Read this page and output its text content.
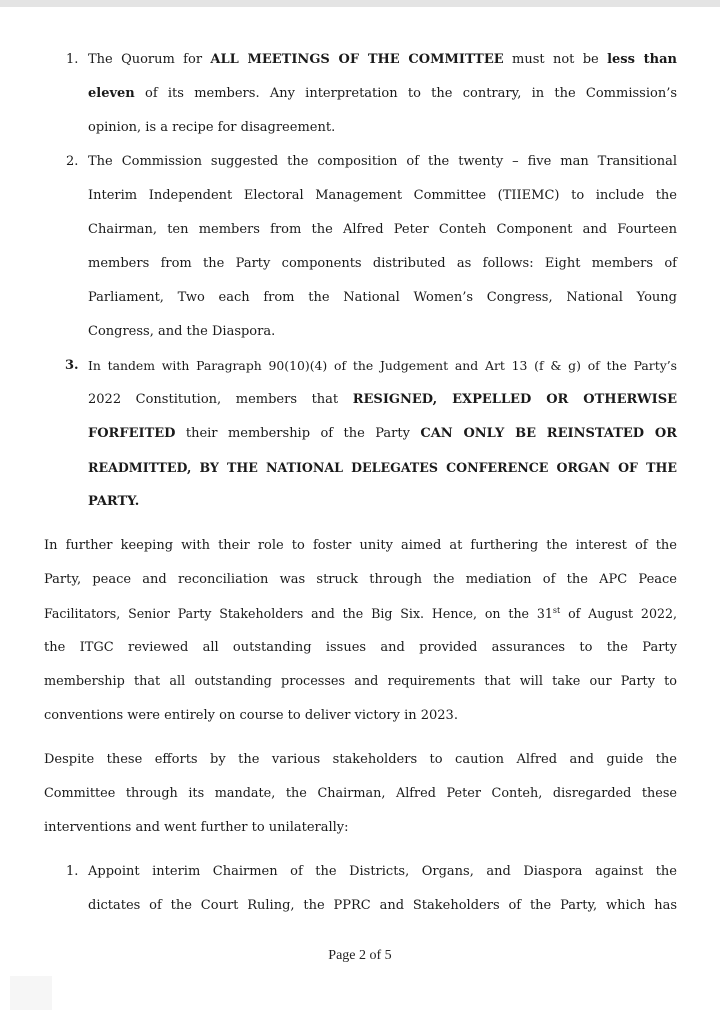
1. The Quorum for ALL MEETINGS OF THE COMMITTEE must not be less than
eleven of its members. Any interpretation to the contrary, in the Commission’s
opinion, is a recipe for disagreement.
2. The Commission suggested the composition of the twenty – five man Transitional
Interim Independent Electoral Management Committee (TIIEMC) to include the
Chairman, ten members from the Alfred Peter Conteh Component and Fourteen
members from the Party components distributed as follows: Eight members of
Parliament, Two each from the National Women’s Congress, National Young
Congress, and the Diaspora.
3. In tandem with Paragraph 90(10)(4) of the Judgement and Art 13 (f & g) of the Party’s
2022 Constitution, members that RESIGNED, EXPELLED OR OTHERWISE
FORFEITED their membership of the Party CAN ONLY BE REINSTATED OR
READMITTED, BY THE NATIONAL DELEGATES CONFERENCE ORGAN OF THE
PARTY.
In further keeping with their role to foster unity aimed at furthering the interest of the
Party, peace and reconciliation was struck through the mediation of the APC Peace
Facilitators, Senior Party Stakeholders and the Big Six. Hence, on the 31st of August 2022,
the ITGC reviewed all outstanding issues and provided assurances to the Party
membership that all outstanding processes and requirements that will take our Party to
conventions were entirely on course to deliver victory in 2023.
Despite these efforts by the various stakeholders to caution Alfred and guide the
Committee through its mandate, the Chairman, Alfred Peter Conteh, disregarded these
interventions and went further to unilaterally:
1. Appoint interim Chairmen of the Districts, Organs, and Diaspora against the
dictates of the Court Ruling, the PPRC and Stakeholders of the Party, which has
Page 2 of 5
